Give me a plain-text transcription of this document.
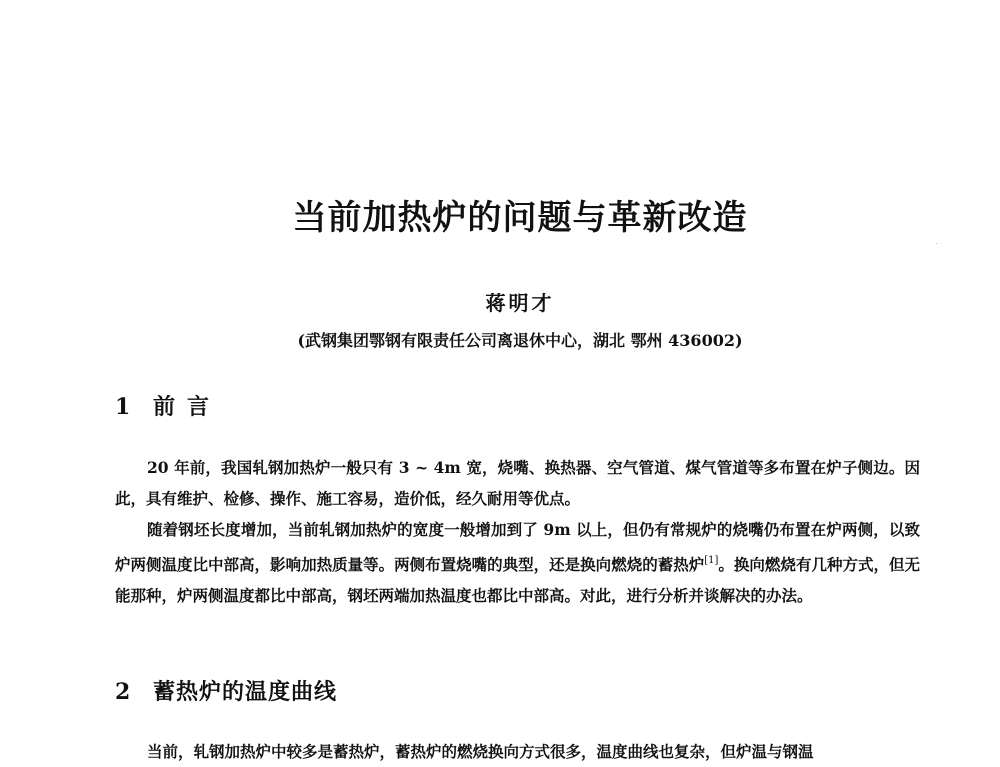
当前加热炉的问题与革新改造
蒋明才
(武钢集团鄂钢有限责任公司离退休中心，湖北 鄂州 436002)
1 前言

20 年前，我国轧钢加热炉一般只有 3 ~ 4m 宽，烧嘴、换热器、空气管道、煤气管道等多布置在炉子侧边。因此，具有维护、检修、操作、施工容易，造价低，经久耐用等优点。

随着钢坯长度增加，当前轧钢加热炉的宽度一般增加到了 9m 以上，但仍有常规炉的烧嘴仍布置在炉两侧，以致炉两侧温度比中部高，影响加热质量等。两侧布置烧嘴的典型，还是换向燃烧的蓄热炉[1]。换向燃烧有几种方式，但无能那种，炉两侧温度都比中部高，钢坯两端加热温度也都比中部高。对此，进行分析并谈解决的办法。

2 蓄热炉的温度曲线

当前，轧钢加热炉中较多是蓄热炉，蓄热炉的燃烧换向方式很多，温度曲线也复杂，但炉温与钢温
